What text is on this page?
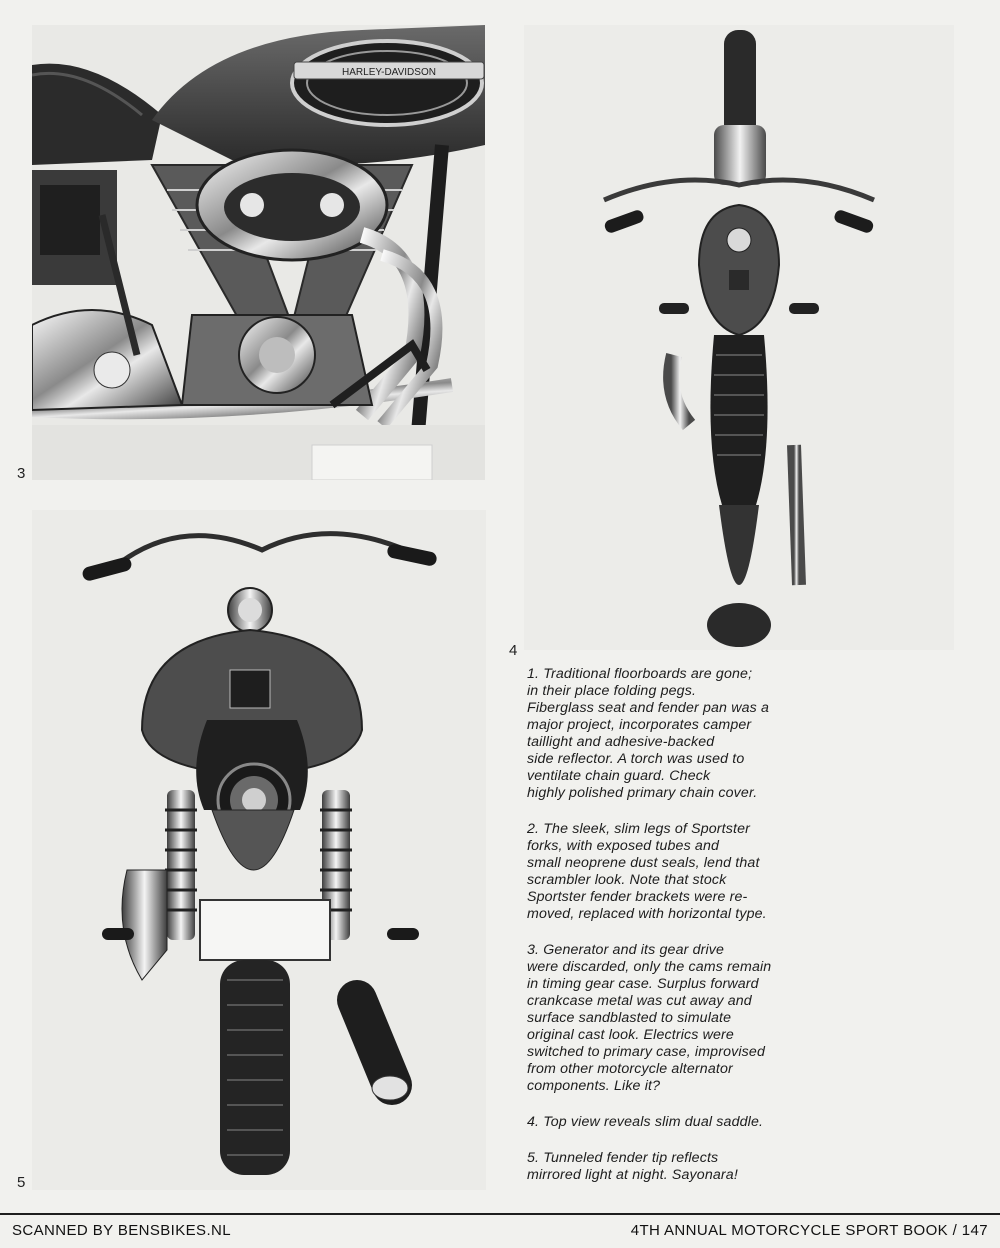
HARLEY-DAVIDSON
3
4
5

1. Traditional floorboards are gone;
in their place folding pegs.
Fiberglass seat and fender pan was a
major project, incorporates camper
taillight and adhesive-backed
side reflector. A torch was used to
ventilate chain guard. Check
highly polished primary chain cover.

2. The sleek, slim legs of Sportster
forks, with exposed tubes and
small neoprene dust seals, lend that
scrambler look. Note that stock
Sportster fender brackets were re-
moved, replaced with horizontal type.

3. Generator and its gear drive
were discarded, only the cams remain
in timing gear case. Surplus forward
crankcase metal was cut away and
surface sandblasted to simulate
original cast look. Electrics were
switched to primary case, improvised
from other motorcycle alternator
components. Like it?

4. Top view reveals slim dual saddle.

5. Tunneled fender tip reflects
mirrored light at night. Sayonara!

SCANNED BY BENSBIKES.NL	4TH ANNUAL MOTORCYCLE SPORT BOOK / 147
